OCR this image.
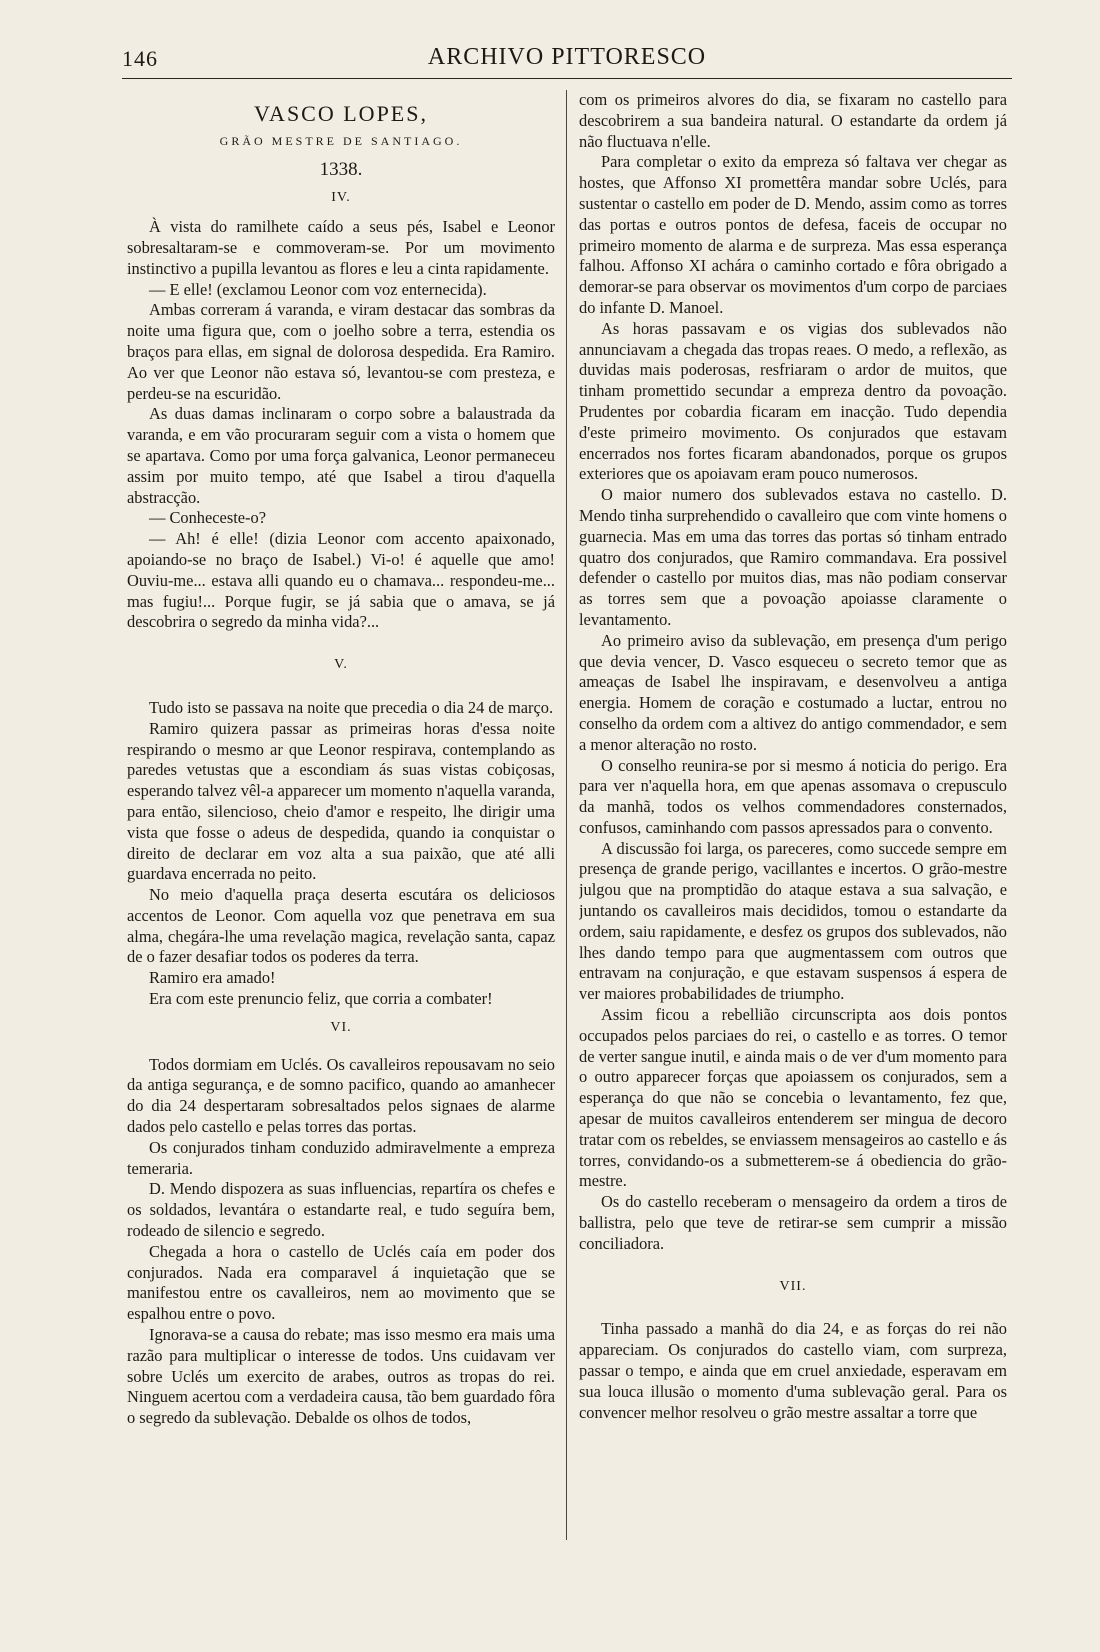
146	ARCHIVO PITTORESCO
VASCO LOPES,
GRÃO MESTRE DE SANTIAGO.
1338.
IV.

À vista do ramilhete caído a seus pés, Isabel e Leonor sobresaltaram-se e commoveram-se. Por um movimento instinctivo a pupilla levantou as flores e leu a cinta rapidamente.

— E elle! (exclamou Leonor com voz enternecida).

Ambas correram á varanda, e viram destacar das sombras da noite uma figura que, com o joelho sobre a terra, estendia os braços para ellas, em signal de dolorosa despedida. Era Ramiro. Ao ver que Leonor não estava só, levantou-se com presteza, e perdeu-se na escuridão.

As duas damas inclinaram o corpo sobre a balaustrada da varanda, e em vão procuraram seguir com a vista o homem que se apartava. Como por uma força galvanica, Leonor permaneceu assim por muito tempo, até que Isabel a tirou d'aquella abstracção.

— Conheceste-o?

— Ah! é elle! (dizia Leonor com accento apaixonado, apoiando-se no braço de Isabel.) Vi-o! é aquelle que amo! Ouviu-me... estava alli quando eu o chamava... respondeu-me... mas fugiu!... Porque fugir, se já sabia que o amava, se já descobrira o segredo da minha vida?...

V.

Tudo isto se passava na noite que precedia o dia 24 de março.

Ramiro quizera passar as primeiras horas d'essa noite respirando o mesmo ar que Leonor respirava, contemplando as paredes vetustas que a escondiam ás suas vistas cobiçosas, esperando talvez vêl-a apparecer um momento n'aquella varanda, para então, silencioso, cheio d'amor e respeito, lhe dirigir uma vista que fosse o adeus de despedida, quando ia conquistar o direito de declarar em voz alta a sua paixão, que até alli guardava encerrada no peito.

No meio d'aquella praça deserta escutára os deliciosos accentos de Leonor. Com aquella voz que penetrava em sua alma, chegára-lhe uma revelação magica, revelação santa, capaz de o fazer desafiar todos os poderes da terra.

Ramiro era amado!

Era com este prenuncio feliz, que corria a combater!

VI.

Todos dormiam em Uclés. Os cavalleiros repousavam no seio da antiga segurança, e de somno pacifico, quando ao amanhecer do dia 24 despertaram sobresaltados pelos signaes de alarme dados pelo castello e pelas torres das portas.

Os conjurados tinham conduzido admiravelmente a empreza temeraria.

D. Mendo dispozera as suas influencias, repartíra os chefes e os soldados, levantára o estandarte real, e tudo seguíra bem, rodeado de silencio e segredo.

Chegada a hora o castello de Uclés caía em poder dos conjurados. Nada era comparavel á inquietação que se manifestou entre os cavalleiros, nem ao movimento que se espalhou entre o povo.

Ignorava-se a causa do rebate; mas isso mesmo era mais uma razão para multiplicar o interesse de todos. Uns cuidavam ver sobre Uclés um exercito de arabes, outros as tropas do rei. Ninguem acertou com a verdadeira causa, tão bem guardado fôra o segredo da sublevação. Debalde os olhos de todos,

com os primeiros alvores do dia, se fixaram no castello para descobrirem a sua bandeira natural. O estandarte da ordem já não fluctuava n'elle.

Para completar o exito da empreza só faltava ver chegar as hostes, que Affonso XI promettêra mandar sobre Uclés, para sustentar o castello em poder de D. Mendo, assim como as torres das portas e outros pontos de defesa, faceis de occupar no primeiro momento de alarma e de surpreza. Mas essa esperança falhou. Affonso XI achára o caminho cortado e fôra obrigado a demorar-se para observar os movimentos d'um corpo de parciaes do infante D. Manoel.

As horas passavam e os vigias dos sublevados não annunciavam a chegada das tropas reaes. O medo, a reflexão, as duvidas mais poderosas, resfriaram o ardor de muitos, que tinham promettido secundar a empreza dentro da povoação. Prudentes por cobardia ficaram em inacção. Tudo dependia d'este primeiro movimento. Os conjurados que estavam encerrados nos fortes ficaram abandonados, porque os grupos exteriores que os apoiavam eram pouco numerosos.

O maior numero dos sublevados estava no castello. D. Mendo tinha surprehendido o cavalleiro que com vinte homens o guarnecia. Mas em uma das torres das portas só tinham entrado quatro dos conjurados, que Ramiro commandava. Era possivel defender o castello por muitos dias, mas não podiam conservar as torres sem que a povoação apoiasse claramente o levantamento.

Ao primeiro aviso da sublevação, em presença d'um perigo que devia vencer, D. Vasco esqueceu o secreto temor que as ameaças de Isabel lhe inspiravam, e desenvolveu a antiga energia. Homem de coração e costumado a luctar, entrou no conselho da ordem com a altivez do antigo commendador, e sem a menor alteração no rosto.

O conselho reunira-se por si mesmo á noticia do perigo. Era para ver n'aquella hora, em que apenas assomava o crepusculo da manhã, todos os velhos commendadores consternados, confusos, caminhando com passos apressados para o convento.

A discussão foi larga, os pareceres, como succede sempre em presença de grande perigo, vacillantes e incertos. O grão-mestre julgou que na promptidão do ataque estava a sua salvação, e juntando os cavalleiros mais decididos, tomou o estandarte da ordem, saiu rapidamente, e desfez os grupos dos sublevados, não lhes dando tempo para que augmentassem com outros que entravam na conjuração, e que estavam suspensos á espera de ver maiores probabilidades de triumpho.

Assim ficou a rebellião circunscripta aos dois pontos occupados pelos parciaes do rei, o castello e as torres. O temor de verter sangue inutil, e ainda mais o de ver d'um momento para o outro apparecer forças que apoiassem os conjurados, sem a esperança do que não se concebia o levantamento, fez que, apesar de muitos cavalleiros entenderem ser mingua de decoro tratar com os rebeldes, se enviassem mensageiros ao castello e ás torres, convidando-os a submetterem-se á obediencia do grão-mestre.

Os do castello receberam o mensageiro da ordem a tiros de ballistra, pelo que teve de retirar-se sem cumprir a missão conciliadora.

VII.

Tinha passado a manhã do dia 24, e as forças do rei não appareciam. Os conjurados do castello viam, com surpreza, passar o tempo, e ainda que em cruel anxiedade, esperavam em sua louca illusão o momento d'uma sublevação geral. Para os convencer melhor resolveu o grão mestre assaltar a torre que
